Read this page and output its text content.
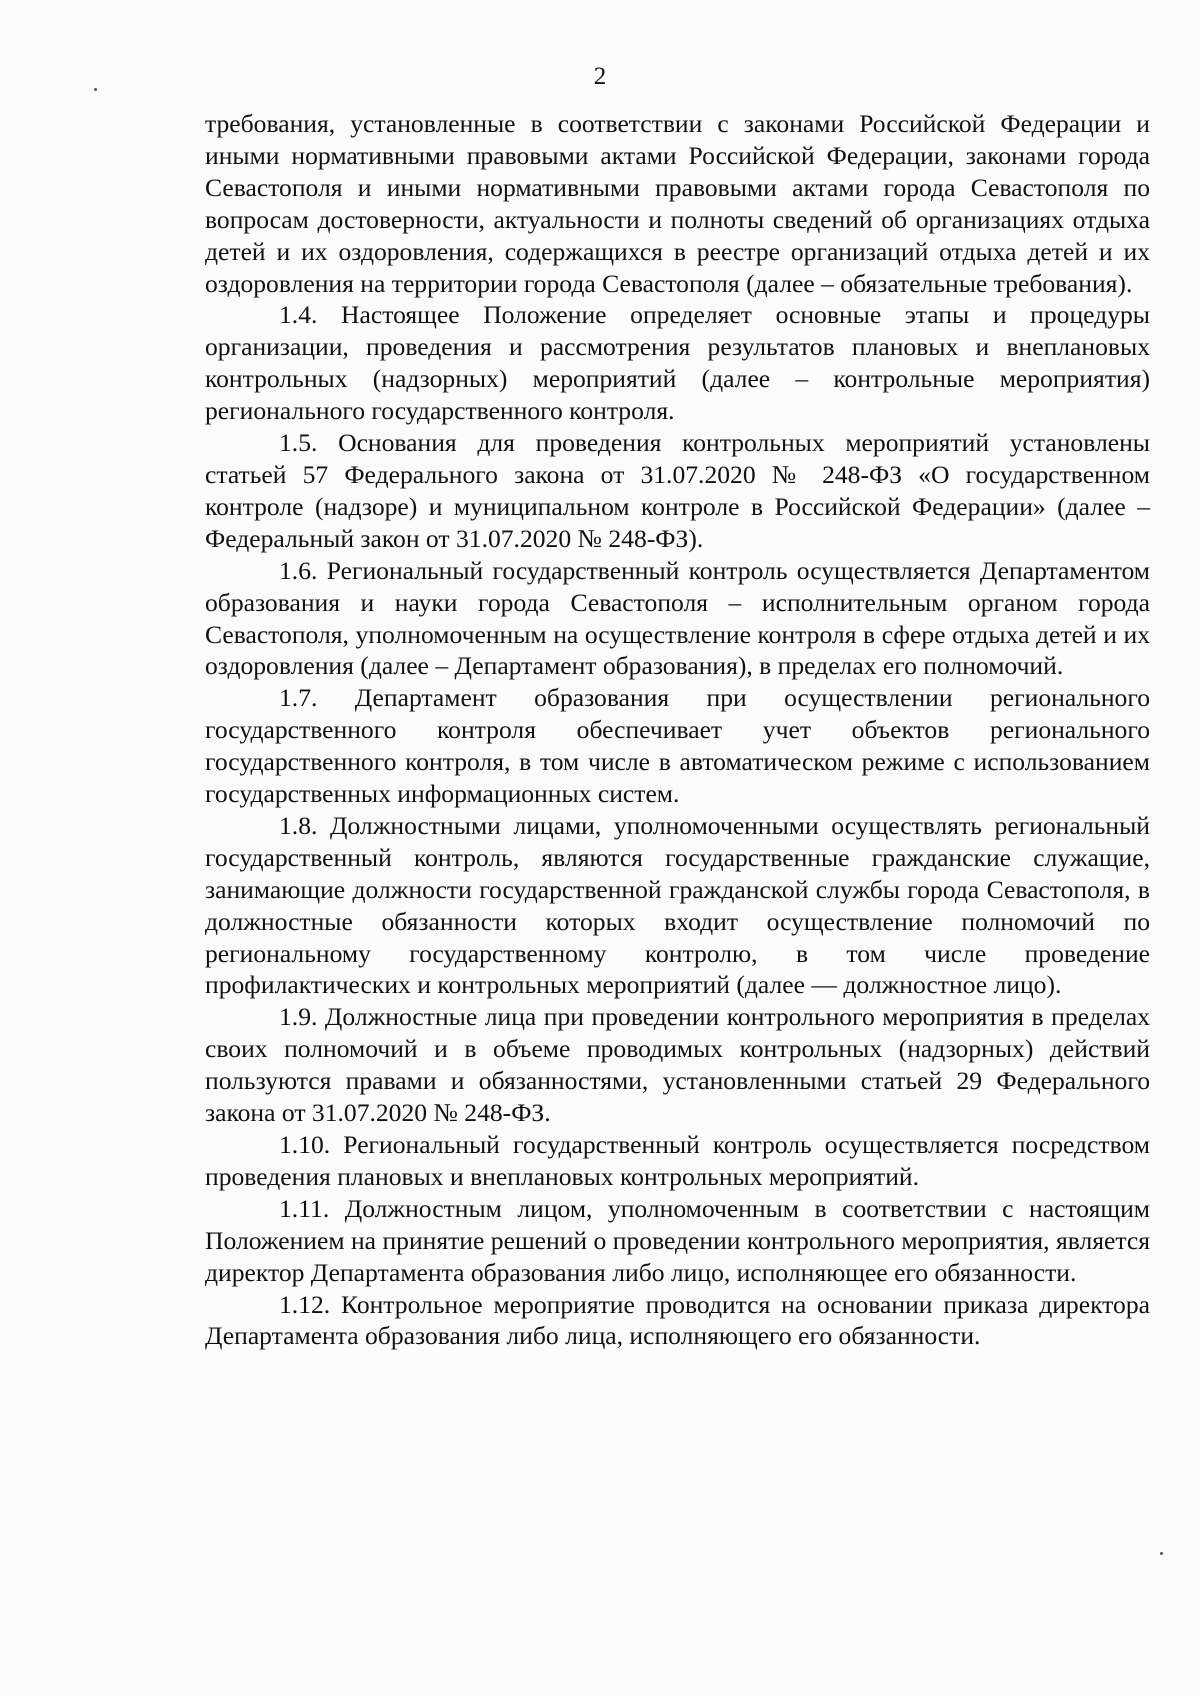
2

требования, установленные в соответствии с законами Российской Федерации и иными нормативными правовыми актами Российской Федерации, законами города Севастополя и иными нормативными правовыми актами города Севастополя по вопросам достоверности, актуальности и полноты сведений об организациях отдыха детей и их оздоровления, содержащихся в реестре организаций отдыха детей и их оздоровления на территории города Севастополя (далее – обязательные требования).

1.4. Настоящее Положение определяет основные этапы и процедуры организации, проведения и рассмотрения результатов плановых и внеплановых контрольных (надзорных) мероприятий (далее – контрольные мероприятия) регионального государственного контроля.

1.5. Основания для проведения контрольных мероприятий установлены статьей 57 Федерального закона от 31.07.2020 № 248-ФЗ «О государственном контроле (надзоре) и муниципальном контроле в Российской Федерации» (далее – Федеральный закон от 31.07.2020 № 248-ФЗ).

1.6. Региональный государственный контроль осуществляется Департаментом образования и науки города Севастополя – исполнительным органом города Севастополя, уполномоченным на осуществление контроля в сфере отдыха детей и их оздоровления (далее – Департамент образования), в пределах его полномочий.

1.7. Департамент образования при осуществлении регионального государственного контроля обеспечивает учет объектов регионального государственного контроля, в том числе в автоматическом режиме с использованием государственных информационных систем.

1.8. Должностными лицами, уполномоченными осуществлять региональный государственный контроль, являются государственные гражданские служащие, занимающие должности государственной гражданской службы города Севастополя, в должностные обязанности которых входит осуществление полномочий по региональному государственному контролю, в том числе проведение профилактических и контрольных мероприятий (далее — должностное лицо).

1.9. Должностные лица при проведении контрольного мероприятия в пределах своих полномочий и в объеме проводимых контрольных (надзорных) действий пользуются правами и обязанностями, установленными статьей 29 Федерального закона от 31.07.2020 № 248-ФЗ.

1.10. Региональный государственный контроль осуществляется посредством проведения плановых и внеплановых контрольных мероприятий.

1.11. Должностным лицом, уполномоченным в соответствии с настоящим Положением на принятие решений о проведении контрольного мероприятия, является директор Департамента образования либо лицо, исполняющее его обязанности.

1.12. Контрольное мероприятие проводится на основании приказа директора Департамента образования либо лица, исполняющего его обязанности.
